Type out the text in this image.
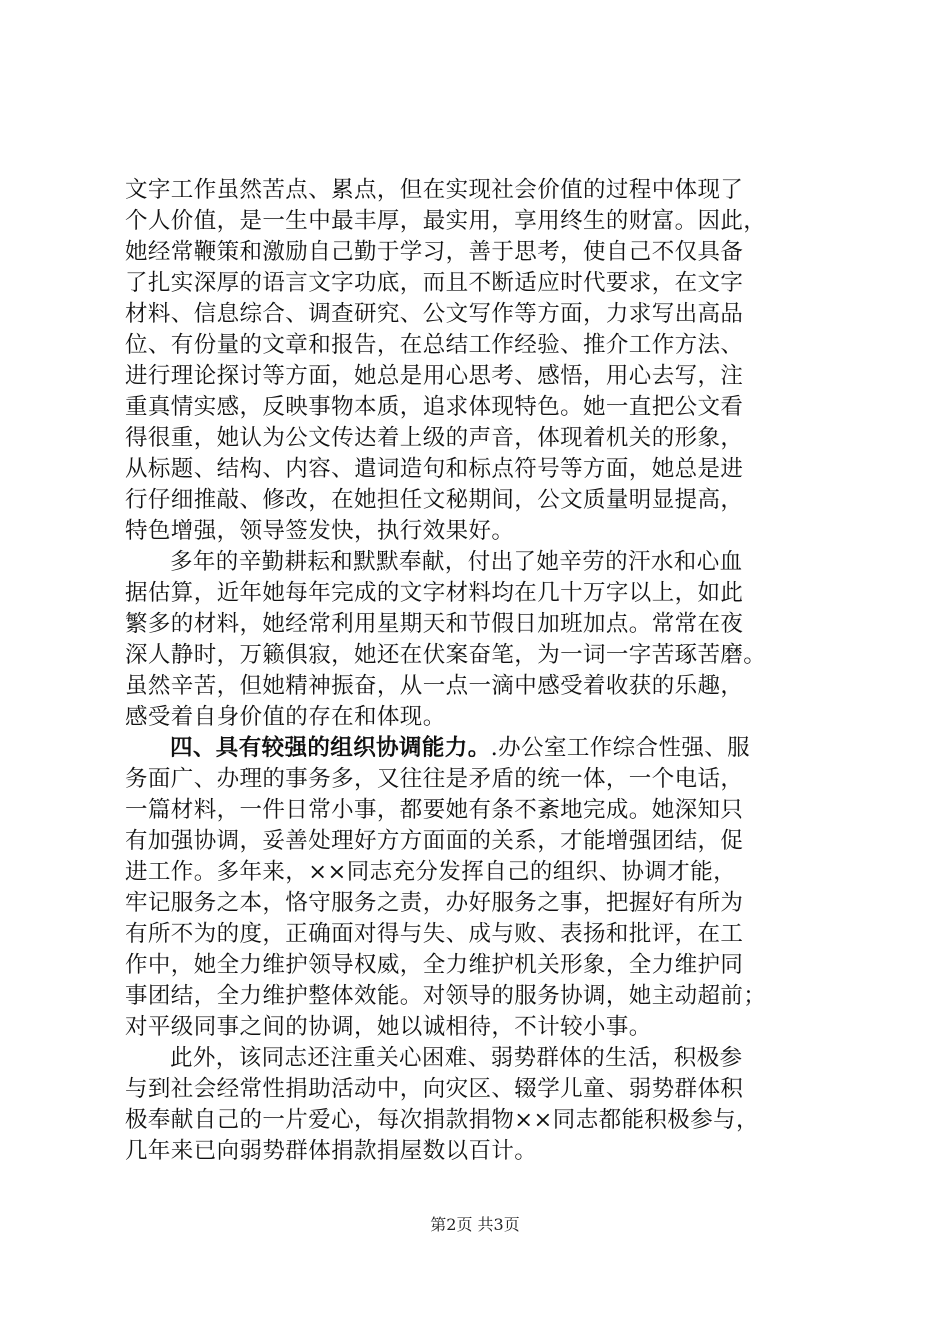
文字工作虽然苦点、累点，但在实现社会价值的过程中体现了
个人价值，是一生中最丰厚，最实用，享用终生的财富。因此，
她经常鞭策和激励自己勤于学习，善于思考，使自己不仅具备
了扎实深厚的语言文字功底，而且不断适应时代要求，在文字
材料、信息综合、调查研究、公文写作等方面，力求写出高品
位、有份量的文章和报告，在总结工作经验、推介工作方法、
进行理论探讨等方面，她总是用心思考、感悟，用心去写，注
重真情实感，反映事物本质，追求体现特色。她一直把公文看
得很重，她认为公文传达着上级的声音，体现着机关的形象，
从标题、结构、内容、遣词造句和标点符号等方面，她总是进
行仔细推敲、修改，在她担任文秘期间，公文质量明显提高，
特色增强，领导签发快，执行效果好。
多年的辛勤耕耘和默默奉献，付出了她辛劳的汗水和心血
据估算，近年她每年完成的文字材料均在几十万字以上，如此
繁多的材料，她经常利用星期天和节假日加班加点。常常在夜
深人静时，万籁俱寂，她还在伏案奋笔，为一词一字苦琢苦磨。
虽然辛苦，但她精神振奋，从一点一滴中感受着收获的乐趣，
感受着自身价值的存在和体现。
四、具有较强的组织协调能力。.办公室工作综合性强、服
务面广、办理的事务多，又往往是矛盾的统一体，一个电话，
一篇材料，一件日常小事，都要她有条不紊地完成。她深知只
有加强协调，妥善处理好方方面面的关系，才能增强团结，促
进工作。多年来，××同志充分发挥自己的组织、协调才能，
牢记服务之本，恪守服务之责，办好服务之事，把握好有所为
有所不为的度，正确面对得与失、成与败、表扬和批评，在工
作中，她全力维护领导权威，全力维护机关形象，全力维护同
事团结，全力维护整体效能。对领导的服务协调，她主动超前；
对平级同事之间的协调，她以诚相待，不计较小事。
此外，该同志还注重关心困难、弱势群体的生活，积极参
与到社会经常性捐助活动中，向灾区、辍学儿童、弱势群体积
极奉献自己的一片爱心，每次捐款捐物××同志都能积极参与，
几年来已向弱势群体捐款捐屋数以百计。
第2页 共3页
